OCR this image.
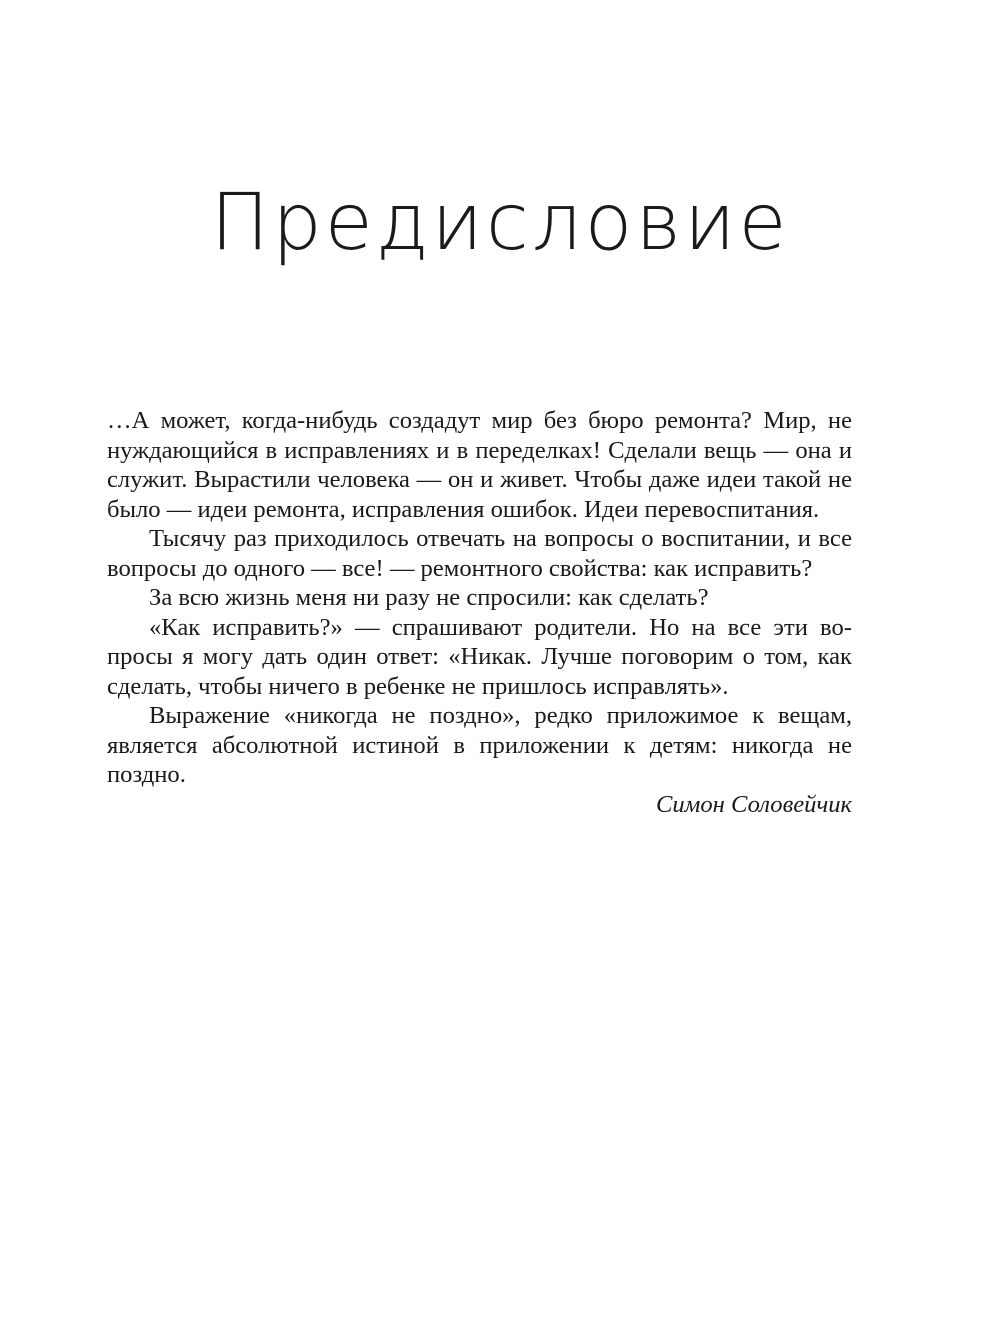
Предисловие

…А может, когда-нибудь создадут мир без бюро ремонта? Мир, не нуждающийся в исправлениях и в переделках! Сделали вещь — она и служит. Вырастили человека — он и живет. Чтобы даже идеи такой не было — идеи ремонта, исправления ошибок. Идеи перевоспитания.

Тысячу раз приходилось отвечать на вопросы о воспитании, и все вопросы до одного — все! — ремонтного свойства: как исправить?

За всю жизнь меня ни разу не спросили: как сделать?

«Как исправить?» — спрашивают родители. Но на все эти вопросы я могу дать один ответ: «Никак. Лучше поговорим о том, как сделать, чтобы ничего в ребенке не пришлось исправлять».

Выражение «никогда не поздно», редко приложимое к вещам, является абсолютной истиной в приложении к детям: никогда не поздно.

Симон Соловейчик
